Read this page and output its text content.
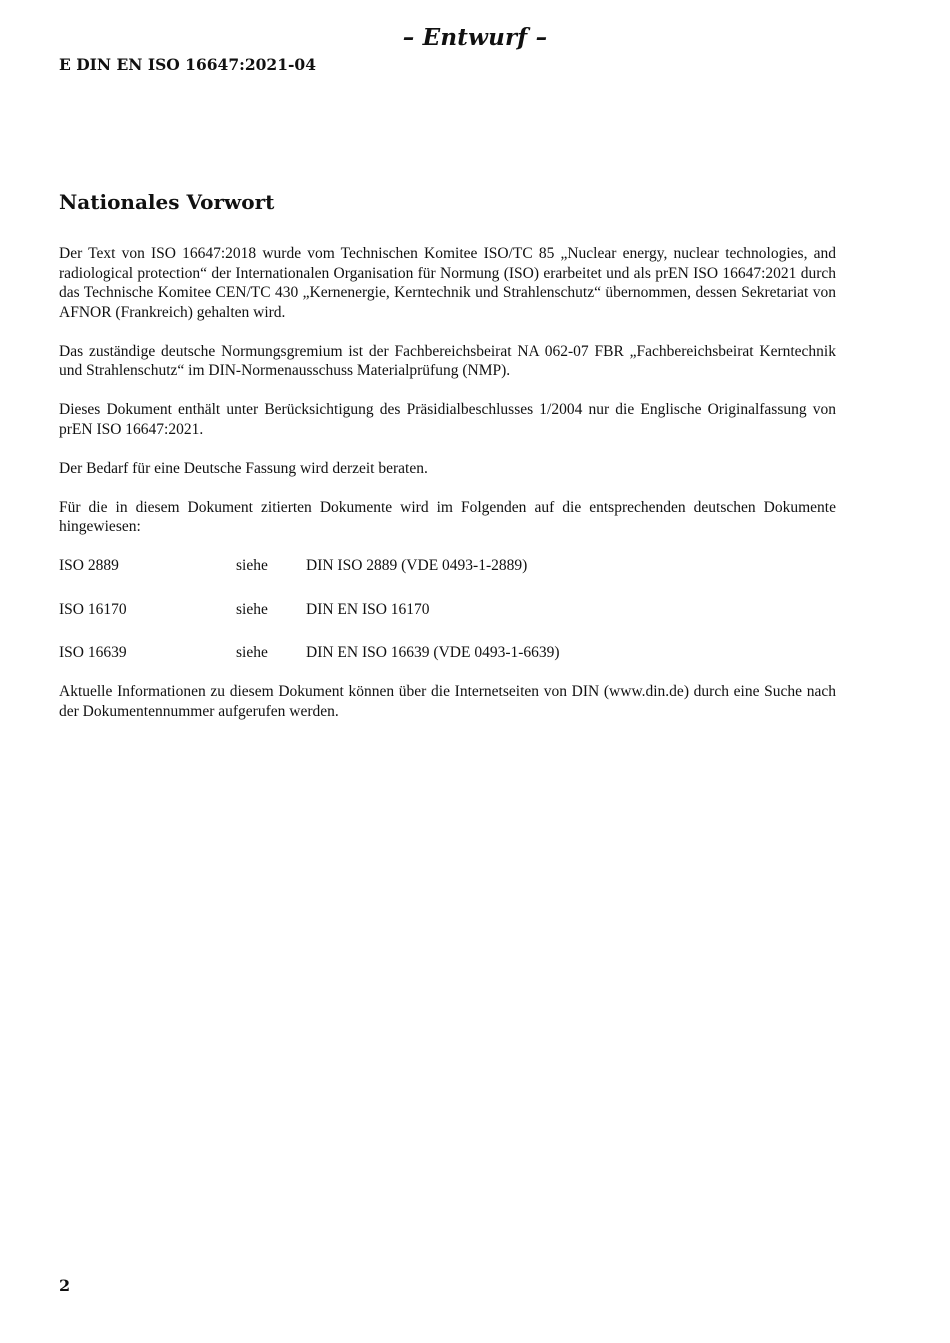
– Entwurf –
E DIN EN ISO 16647:2021-04
Nationales Vorwort

Der Text von ISO 16647:2018 wurde vom Technischen Komitee ISO/TC 85 „Nuclear energy, nuclear technologies, and radiological protection“ der Internationalen Organisation für Normung (ISO) erarbeitet und als prEN ISO 16647:2021 durch das Technische Komitee CEN/TC 430 „Kernenergie, Kerntechnik und Strahlenschutz“ übernommen, dessen Sekretariat von AFNOR (Frankreich) gehalten wird.

Das zuständige deutsche Normungsgremium ist der Fachbereichsbeirat NA 062-07 FBR „Fachbereichsbeirat Kerntechnik und Strahlenschutz“ im DIN-Normenausschuss Materialprüfung (NMP).

Dieses Dokument enthält unter Berücksichtigung des Präsidialbeschlusses 1/2004 nur die Englische Originalfassung von prEN ISO 16647:2021.

Der Bedarf für eine Deutsche Fassung wird derzeit beraten.

Für die in diesem Dokument zitierten Dokumente wird im Folgenden auf die entsprechenden deutschen Dokumente hingewiesen:

ISO 2889	siehe	DIN ISO 2889 (VDE 0493-1-2889)
ISO 16170	siehe	DIN EN ISO 16170
ISO 16639	siehe	DIN EN ISO 16639 (VDE 0493-1-6639)

Aktuelle Informationen zu diesem Dokument können über die Internetseiten von DIN (www.din.de) durch eine Suche nach der Dokumentennummer aufgerufen werden.

2
